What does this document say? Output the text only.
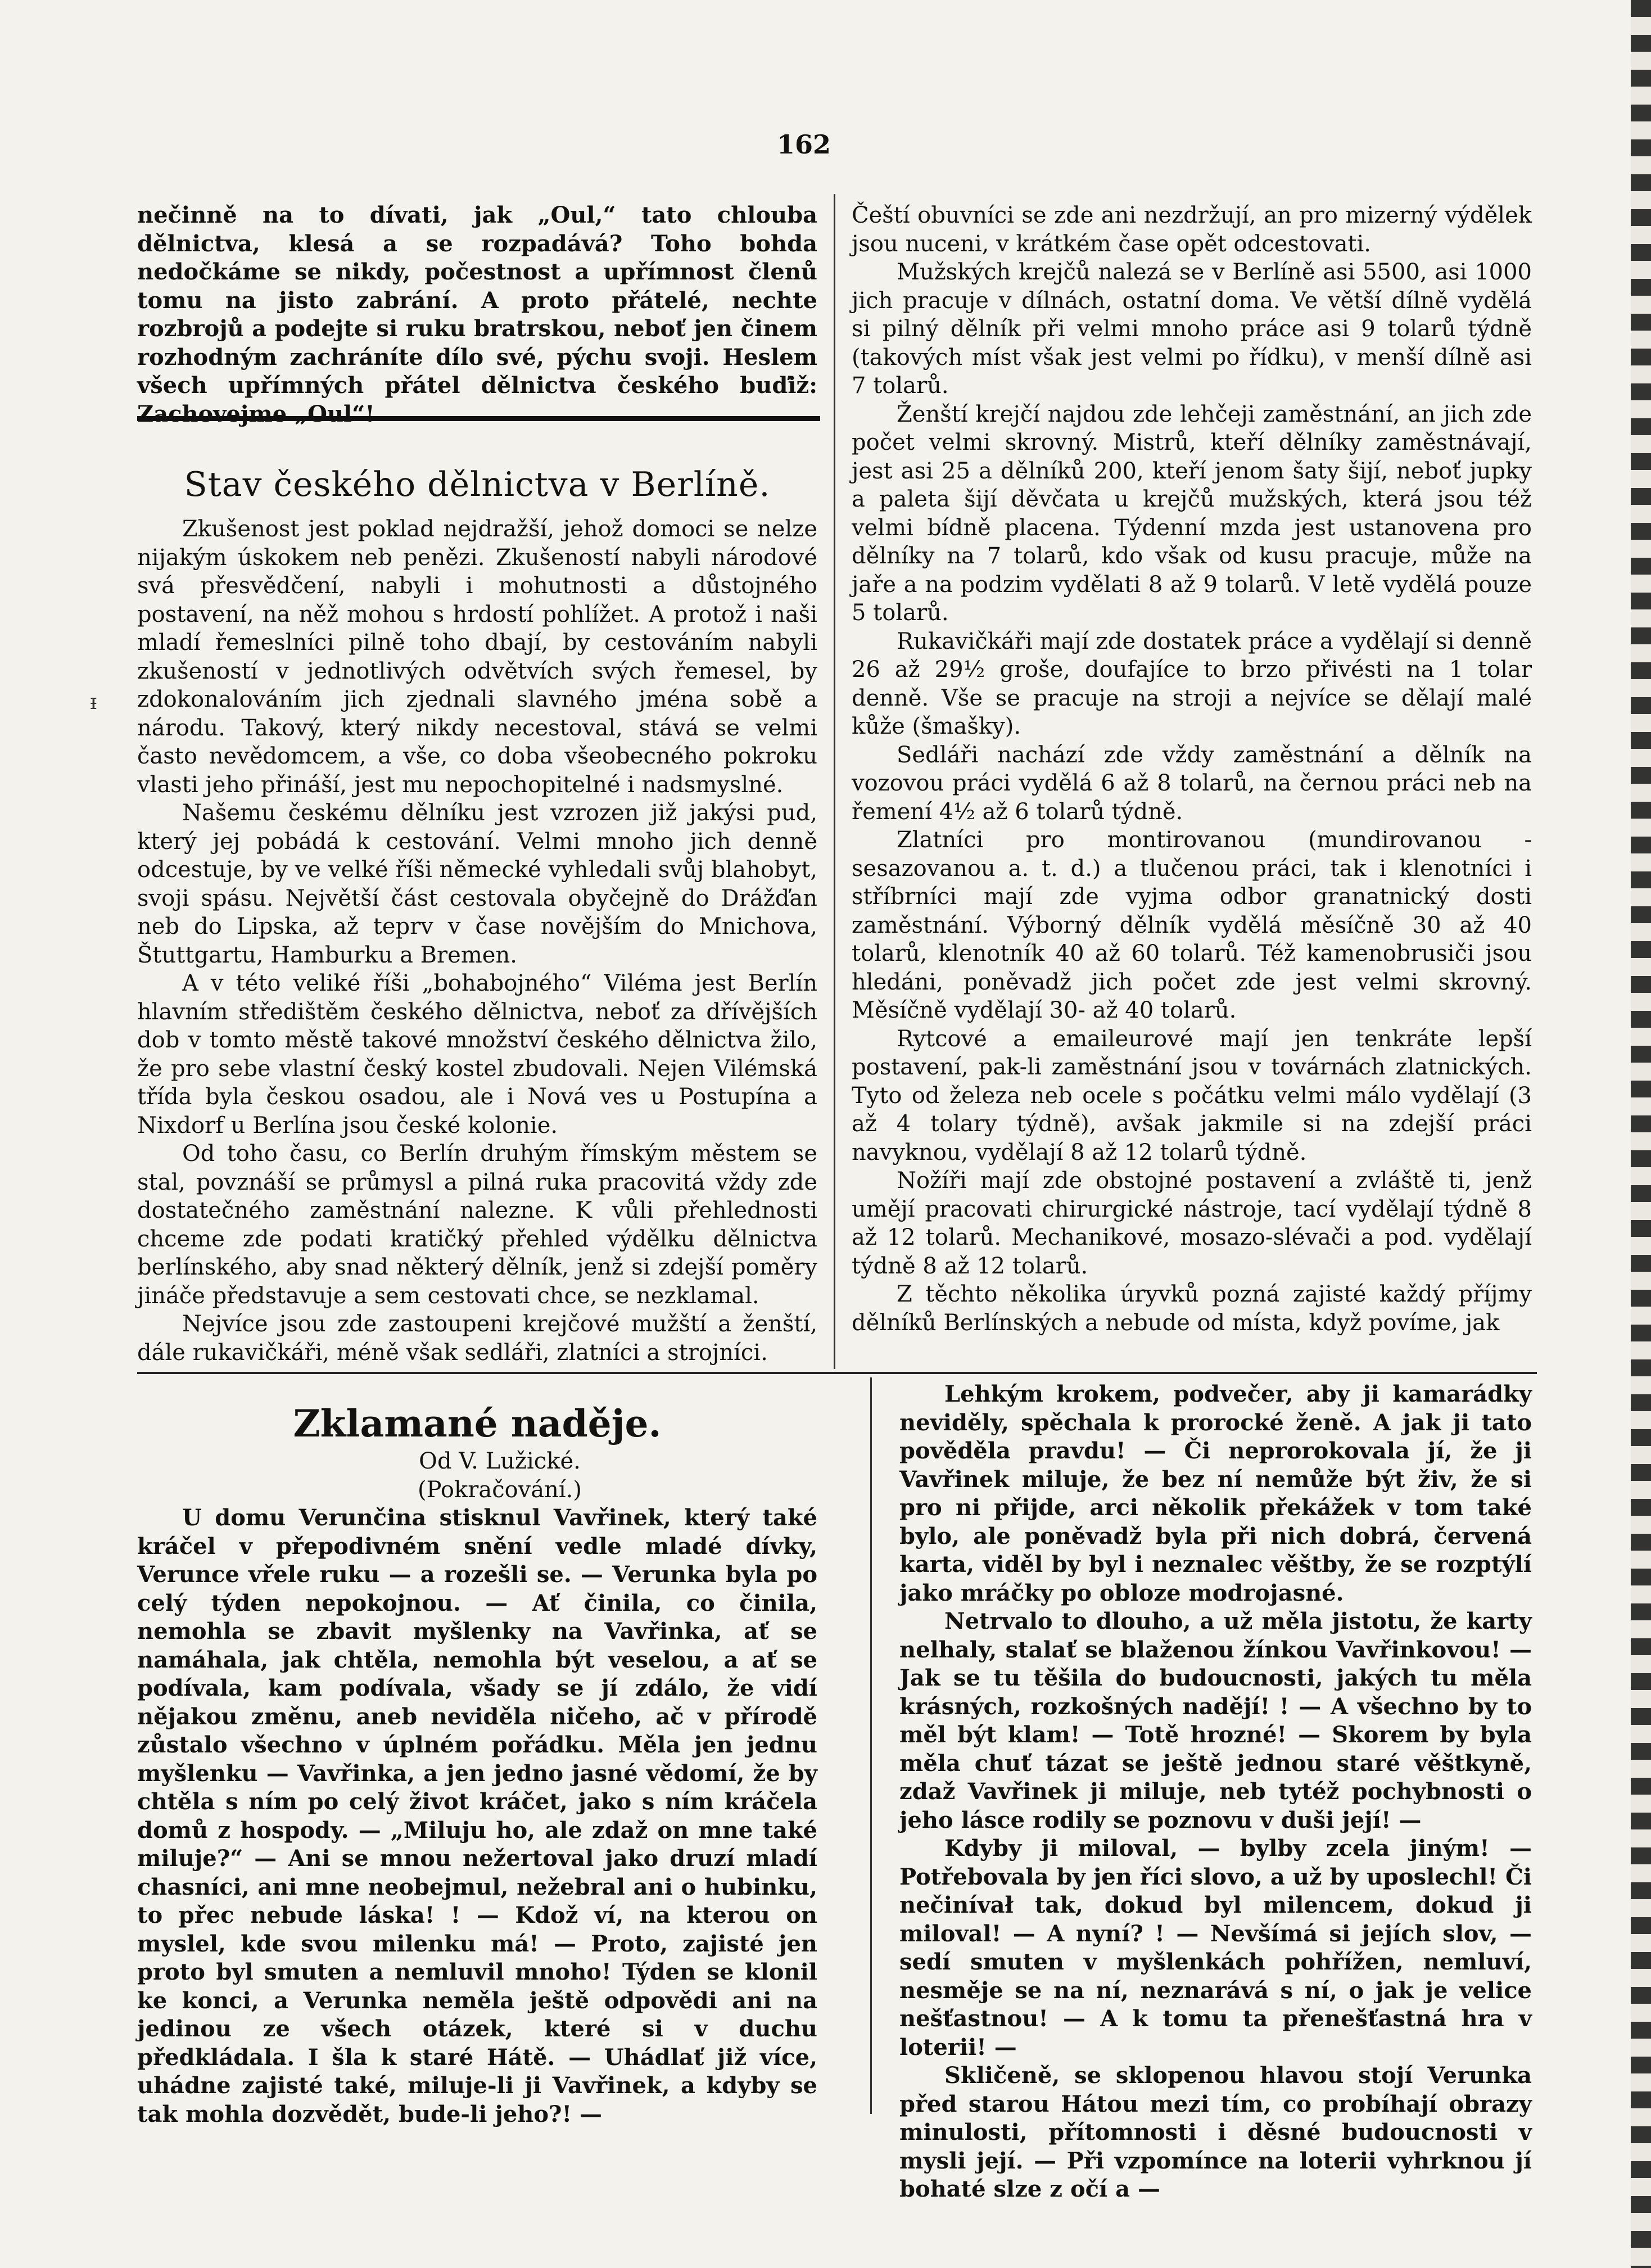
162
ᵻ

nečinně na to dívati, jak „Oul,“ tato chlouba dělnictva, klesá a se rozpadává? Toho bohda nedočkáme se nikdy, počestnost a upřímnost členů tomu na jisto zabrání. A proto přátelé, nechte rozbrojů a podejte si ruku bratrskou, neboť jen činem rozhodným zachráníte dílo své, pýchu svoji. Heslem všech upřímných přátel dělnictva českého buďiž: Zachovejme „Oul“!

Stav českého dělnictva v Berlíně.

Zkušenost jest poklad nejdražší, jehož domoci se nelze nijakým úskokem neb penězi. Zkušeností nabyli národové svá přesvědčení, nabyli i mohutnosti a důstojného postavení, na něž mohou s hrdostí pohlížet. A protož i naši mladí řemeslníci pilně toho dbají, by cestováním nabyli zkušeností v jednotlivých odvětvích svých řemesel, by zdokonalováním jich zjednali slavného jména sobě a národu. Takový, který nikdy necestoval, stává se velmi často nevědomcem, a vše, co doba všeobecného pokroku vlasti jeho přináší, jest mu nepochopitelné i nadsmyslné.

Našemu českému dělníku jest vzrozen již jakýsi pud, který jej pobádá k cestování. Velmi mnoho jich denně odcestuje, by ve velké říši německé vyhledali svůj blahobyt, svoji spásu. Největší část cestovala obyčejně do Drážďan neb do Lipska, až teprv v čase novějším do Mnichova, Štuttgartu, Hamburku a Bremen.

A v této veliké říši „bohabojného“ Viléma jest Berlín hlavním středištěm českého dělnictva, neboť za dřívějších dob v tomto městě takové množství českého dělnictva žilo, že pro sebe vlastní český kostel zbudovali. Nejen Vilémská třída byla českou osadou, ale i Nová ves u Postupína a Nixdorf u Berlína jsou české kolonie.

Od toho času, co Berlín druhým římským městem se stal, povznáší se průmysl a pilná ruka pracovitá vždy zde dostatečného zaměstnání nalezne. K vůli přehlednosti chceme zde podati kratičký přehled výdělku dělnictva berlínského, aby snad některý dělník, jenž si zdejší poměry jináče představuje a sem cestovati chce, se nezklamal.

Nejvíce jsou zde zastoupeni krejčové mužští a ženští, dále rukavičkáři, méně však sedláři, zlatníci a strojníci.

Čeští obuvníci se zde ani nezdržují, an pro mizerný výdělek jsou nuceni, v krátkém čase opět odcestovati.

Mužských krejčů nalezá se v Berlíně asi 5500, asi 1000 jich pracuje v dílnách, ostatní doma. Ve větší dílně vydělá si pilný dělník při velmi mnoho práce asi 9 tolarů týdně (takových míst však jest velmi po řídku), v menší dílně asi 7 tolarů.

Ženští krejčí najdou zde lehčeji zaměstnání, an jich zde počet velmi skrovný. Mistrů, kteří dělníky zaměstnávají, jest asi 25 a dělníků 200, kteří jenom šaty šijí, neboť jupky a paleta šijí děvčata u krejčů mužských, která jsou též velmi bídně placena. Týdenní mzda jest ustanovena pro dělníky na 7 tolarů, kdo však od kusu pracuje, může na jaře a na podzim vydělati 8 až 9 tolarů. V letě vydělá pouze 5 tolarů.

Rukavičkáři mají zde dostatek práce a vydělají si denně 26 až 29½ groše, doufajíce to brzo přivésti na 1 tolar denně. Vše se pracuje na stroji a nejvíce se dělají malé kůže (šmašky).

Sedláři nachází zde vždy zaměstnání a dělník na vozovou práci vydělá 6 až 8 tolarů, na černou práci neb na řemení 4½ až 6 tolarů týdně.

Zlatníci pro montirovanou (mundirovanou - sesazovanou a. t. d.) a tlučenou práci, tak i klenotníci i stříbrníci mají zde vyjma odbor granatnický dosti zaměstnání. Výborný dělník vydělá měsíčně 30 až 40 tolarů, klenotník 40 až 60 tolarů. Též kamenobrusiči jsou hledáni, poněvadž jich počet zde jest velmi skrovný. Měsíčně vydělají 30- až 40 tolarů.

Rytcové a emaileurové mají jen tenkráte lepší postavení, pak-li zaměstnání jsou v továrnách zlatnických. Tyto od železa neb ocele s počátku velmi málo vydělají (3 až 4 tolary týdně), avšak jakmile si na zdejší práci navyknou, vydělají 8 až 12 tolarů týdně.

Nožíři mají zde obstojné postavení a zvláště ti, jenž umějí pracovati chirurgické nástroje, tací vydělají týdně 8 až 12 tolarů. Mechanikové, mosazo-slévači a pod. vydělají týdně 8 až 12 tolarů.

Z těchto několika úryvků pozná zajisté každý příjmy dělníků Berlínských a nebude od místa, když povíme, jak

Zklamané naděje.

Od V. Lužické.

(Pokračování.)

U domu Verunčina stisknul Vavřinek, který také kráčel v přepodivném snění vedle mladé dívky, Verunce vřele ruku — a rozešli se. — Verunka byla po celý týden nepokojnou. — Ať činila, co činila, nemohla se zbavit myšlenky na Vavřinka, ať se namáhala, jak chtěla, nemohla být veselou, a ať se podívala, kam podívala, všady se jí zdálo, že vidí nějakou změnu, aneb neviděla ničeho, ač v přírodě zůstalo všechno v úplném pořádku. Měla jen jednu myšlenku — Vavřinka, a jen jedno jasné vědomí, že by chtěla s ním po celý život kráčet, jako s ním kráčela domů z hospody. — „Miluju ho, ale zdaž on mne také miluje?“ — Ani se mnou nežertoval jako druzí mladí chasníci, ani mne neobejmul, nežebral ani o hubinku, to přec nebude láska! ! — Kdož ví, na kterou on myslel, kde svou milenku má! — Proto, zajisté jen proto byl smuten a nemluvil mnoho! Týden se klonil ke konci, a Verunka neměla ještě odpovědi ani na jedinou ze všech otázek, které si v duchu předkládala. I šla k staré Hátě. — Uhádlať již více, uhádne zajisté také, miluje-li ji Vavřinek, a kdyby se tak mohla dozvědět, bude-li jeho?! —

Lehkým krokem, podvečer, aby ji kamarádky neviděly, spěchala k prorocké ženě. A jak ji tato pověděla pravdu! — Či neprorokovala jí, že ji Vavřinek miluje, že bez ní nemůže být živ, že si pro ni přijde, arci několik překážek v tom také bylo, ale poněvadž byla při nich dobrá, červená karta, viděl by byl i neznalec věštby, že se rozptýlí jako mráčky po obloze modrojasné.

Netrvalo to dlouho, a už měla jistotu, že karty nelhaly, stalať se blaženou žínkou Vavřinkovou! — Jak se tu těšila do budoucnosti, jakých tu měla krásných, rozkošných nadějí! ! — A všechno by to měl být klam! — Totě hrozné! — Skorem by byla měla chuť tázat se ještě jednou staré věštkyně, zdaž Vavřinek ji miluje, neb tytéž pochybnosti o jeho lásce rodily se poznovu v duši její! —

Kdyby ji miloval, — bylby zcela jiným! — Potřebovala by jen říci slovo, a už by uposlechl! Či nečinívał tak, dokud byl milencem, dokud ji miloval! — A nyní? ! — Nevšímá si jejích slov, — sedí smuten v myšlenkách pohřížen, nemluví, nesměje se na ní, neznarává s ní, o jak je velice nešťastnou! — A k tomu ta přenešťastná hra v loterii! —

Skličeně, se sklopenou hlavou stojí Verunka před starou Hátou mezi tím, co probíhají obrazy minulosti, přítomnosti i děsné budoucnosti v mysli její. — Při vzpomínce na loterii vyhrknou jí bohaté slze z očí a —
